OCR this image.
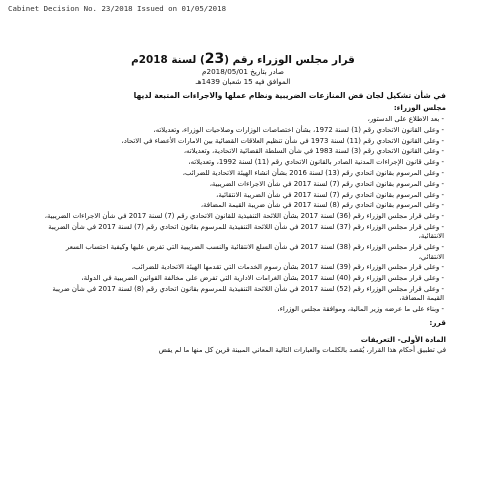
Cabinet Decision No. 23/2018 Issued on 01/05/2018
قرار مجلس الوزراء رقم (23) لسنة 2018م
صادر بتاريخ 2018/05/01م
الموافق فيه 15 شعبان 1439هـ
في شأن تشكيل لجان فض المنازعات الضريبية ونظام عملها والاجراءات المتبعة لديها
مجلس الوزراء:
- بعد الاطلاع على الدستور،
- وعلى القانون الاتحادي رقم (1) لسنة 1972، بشأن اختصاصات الوزارات وصلاحيات الوزراء، وتعديلاته،
- وعلى القانون الاتحادي رقم (11) لسنة 1973 في شأن تنظيم العلاقات القضائية بين الامارات الأعضاء في الاتحاد،
- وعلى القانون الاتحادي رقم (3) لسنة 1983 في شأن السلطة القضائية الاتحادية، وتعديلاته،
- وعلى قانون الإجراءات المدنية الصادر بالقانون الاتحادي رقم (11) لسنة 1992، وتعديلاته،
- وعلى المرسوم بقانون اتحادي رقم (13) لسنة 2016 بشأن انشاء الهيئة الاتحادية للضرائب،
- وعلى المرسوم بقانون اتحادي رقم (7) لسنة 2017 في شأن الاجراءات الضريبية،
- وعلى المرسوم بقانون اتحادي رقم (7) لسنة 2017 في شأن الضريبة الانتقائية،
- وعلى المرسوم بقانون اتحادي رقم (8) لسنة 2017 في شأن ضريبة القيمة المضافة،
- وعلى قرار مجلس الوزراء رقم (36) لسنة 2017 بشأن اللائحة التنفيذية للقانون الاتحادي رقم (7) لسنة 2017 في شأن الاجراءات الضريبية،
- وعلى قرار مجلس الوزراء رقم (37) لسنة 2017 في شأن اللائحة التنفيذية للمرسوم بقانون اتحادي رقم (7) لسنة 2017 في شأن الضريبة الانتقائية،
- وعلى قرار مجلس الوزراء رقم (38) لسنة 2017 في شأن السلع الانتقائية والنسب الضريبية التي تفرض عليها وكيفية احتساب السعر الانتقائي،
- وعلى قرار مجلس الوزراء رقم (39) لسنة 2017 بشأن رسوم الخدمات التي تقدمها الهيئة الاتحادية للضرائب،
- وعلى قرار مجلس الوزراء رقم (40) لسنة 2017 بشأن الغرامات الادارية التي تفرض على مخالفة القوانين الضريبية في الدولة،
- وعلى قرار مجلس الوزراء رقم (52) لسنة 2017 في شأن اللائحة التنفيذية للمرسوم بقانون اتحادي رقم (8) لسنة 2017 في شأن ضريبة القيمة المضافة،
- وبناء على ما عرضه وزير المالية، وموافقة مجلس الوزراء،
قرر:
المادة الأولى- التعريفات
في تطبيق أحكام هذا القرار، يُقصد بالكلمات والعبارات التالية المعاني المبينة قرين كل منها ما لم يقض
